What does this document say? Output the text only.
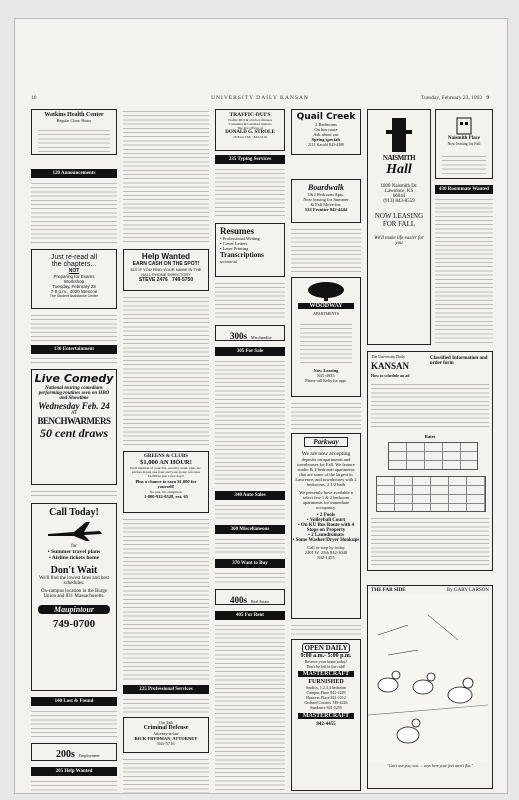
10	UNIVERSITY DAILY KANSAN	Tuesday, February 23, 1993 9
Watkins Health Center
Regular Clinic Hours
120 Announcements
Just re-read all
the chapters...
NOT
Preparing for Exams
Workshop
Tuesday, February 23
7-8 p.m., 4020 Wescoe
The Student Assistance Center
130 Entertainment
Live Comedy
National touring comedians performing routines seen on HBO and Showtime
Wednesday Feb. 24
AT
BENCHWARMERS
50 cent draws
Call Today!
for
• Summer travel plans
• Airline tickets home
Don't Wait
We'll find the lowest fares and best schedules.
On-campus location in the Burge Union and 831 Massachusetts.
Maupintour
749-0700
140 Lost & Found
200s Employment
205 Help Wanted
Help Wanted
EARN CASH ON THE SPOT!
$10 IF YOU FIND YOUR NAME IN THE HALL PHONE DIRECTORY
STEVE 2476 749-5750
GREENS & CLUBS
$1,000 AN HOUR!
Each member of your frat, sorority, team, club, etc. pitches in just one hour and your group can raise $1,000 in just a few days!
Plus a chance to earn $1,000 for yourself!
No cost. No obligation.
1-800-932-0528, ext. 65
225 Professional Services
Our Talk
Criminal Defense
Attorney-at-law
RICK FRYDMAN, ATTORNEY
841-5716
TRAFFIC-DUI'S
Traffic-DUI & alcohol offenses
Consumer & Landlord matters
The law offices of
DONALD G. STROLE
16 East 13th · 842-5116
235 Typing Services
Resumes
• Professional Writing
• Cover Letters
• Laser Printing
Transcriptions
secretarial
300s Merchandise
305 For Sale
340 Auto Sales
360 Miscellaneous
370 Want to Buy
400s Real Estate
405 For Rent
Quail Creek
2 Bedrooms
On bus route
Ask about our
Spring specials
2111 Kasold 843-4300
Boardwalk
1&2 Bedroom Apts.
Now leasing for Summer
& Fall Move-ins.
524 Frontier 842-4444
WOODWAY
APARTMENTS
Now Leasing
841-4935
Please call Kelly for appt.
Parkway
We are now accepting
deposits on apartments and townhouses for Fall. We feature studio & 2 bedroom apartments that are some of the largest in Lawrence, and townhouses with 2 bedrooms, 2 1/2 bath
We presently have available a select few 1 & 2 bedroom apartments for immediate occupancy.
• 2 Pools
• Volleyball Court
• On KU Bus Route with 4 Stops on Property
• 2 Laundromats
• Some Washer/Dryer Hookups
Call or stop by today
2401 W. 25th 842-3040
842-1455
OPEN DAILY
9:00 a.m.- 5:00 p.m.
Reserve your home today!
Don't be left in the cold!
MASTERCRAFT
FURNISHED
Studios, 1,2,3,4 bedroom
Campus Place 841-1429
Hanover Place 841-1212
Orchard Corners 749-4226
Sundance 841-5255
MASTERCRAFT
842-4455
NAISMITH
Hall
1800 Naismith Dr.
Lawrence, KS
66044
(913) 843-8559
NOW LEASING FOR FALL
We'll make life easier for you
Naismith Place
Now leasing for Fall
430 Roommate Wanted
The University Daily
KANSAN
Classified Information and order form
How to schedule an ad
Rates
THE FAR SIDE	By GARY LARSON
"Can't use you, son. ... says here your feet aren't flat."
